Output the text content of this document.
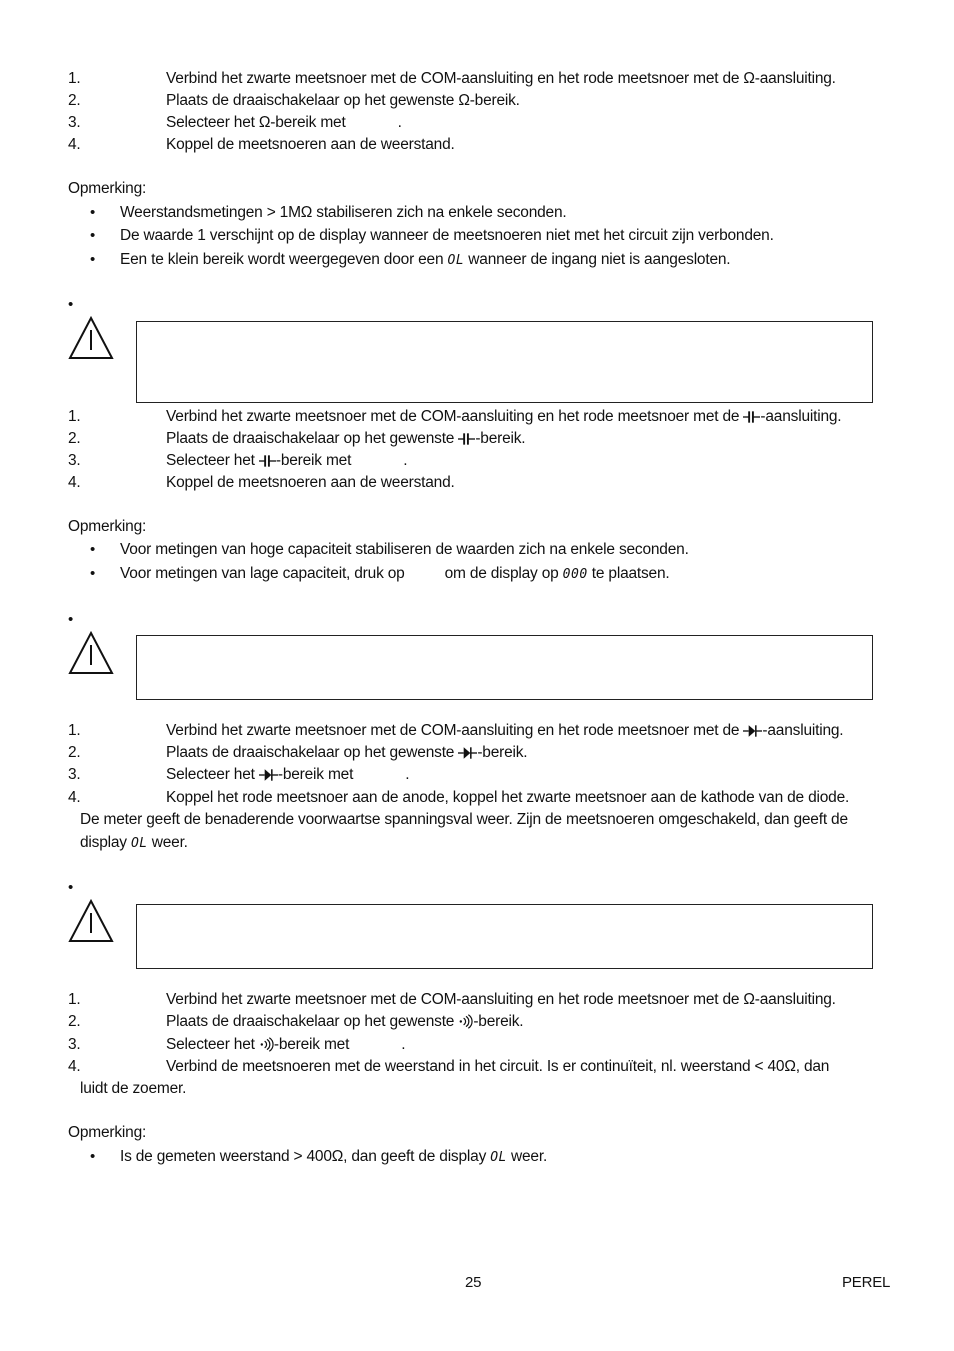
1.	Verbind het zwarte meetsnoer met de COM-aansluiting en het rode meetsnoer met de Ω-aansluiting.
2.	Plaats de draaischakelaar op het gewenste Ω-bereik.
3.	Selecteer het Ω-bereik met	.
4.	Koppel de meetsnoeren aan de weerstand.
Opmerking:
• Weerstandsmetingen > 1MΩ stabiliseren zich na enkele seconden.
• De waarde 1 verschijnt op de display wanneer de meetsnoeren niet met het circuit zijn verbonden.
• Een te klein bereik wordt weergegeven door een OL wanneer de ingang niet is aangesloten.
•
1.	Verbind het zwarte meetsnoer met de COM-aansluiting en het rode meetsnoer met de -aansluiting.
2.	Plaats de draaischakelaar op het gewenste -bereik.
3.	Selecteer het -bereik met	.
4.	Koppel de meetsnoeren aan de weerstand.
Opmerking:
• Voor metingen van hoge capaciteit stabiliseren de waarden zich na enkele seconden.
• Voor metingen van lage capaciteit, druk op	om de display op 000 te plaatsen.
•
1.	Verbind het zwarte meetsnoer met de COM-aansluiting en het rode meetsnoer met de -aansluiting.
2.	Plaats de draaischakelaar op het gewenste -bereik.
3.	Selecteer het -bereik met	.
4.	Koppel het rode meetsnoer aan de anode, koppel het zwarte meetsnoer aan de kathode van de diode.
De meter geeft de benaderende voorwaartse spanningsval weer. Zijn de meetsnoeren omgeschakeld, dan geeft de
display OL weer.
•
1.	Verbind het zwarte meetsnoer met de COM-aansluiting en het rode meetsnoer met de Ω-aansluiting.
2.	Plaats de draaischakelaar op het gewenste -bereik.
3.	Selecteer het -bereik met	.
4.	Verbind de meetsnoeren met de weerstand in het circuit. Is er continuïteit, nl. weerstand < 40Ω, dan
luidt de zoemer.
Opmerking:
• Is de gemeten weerstand > 400Ω, dan geeft de display OL weer.
25	PEREL
